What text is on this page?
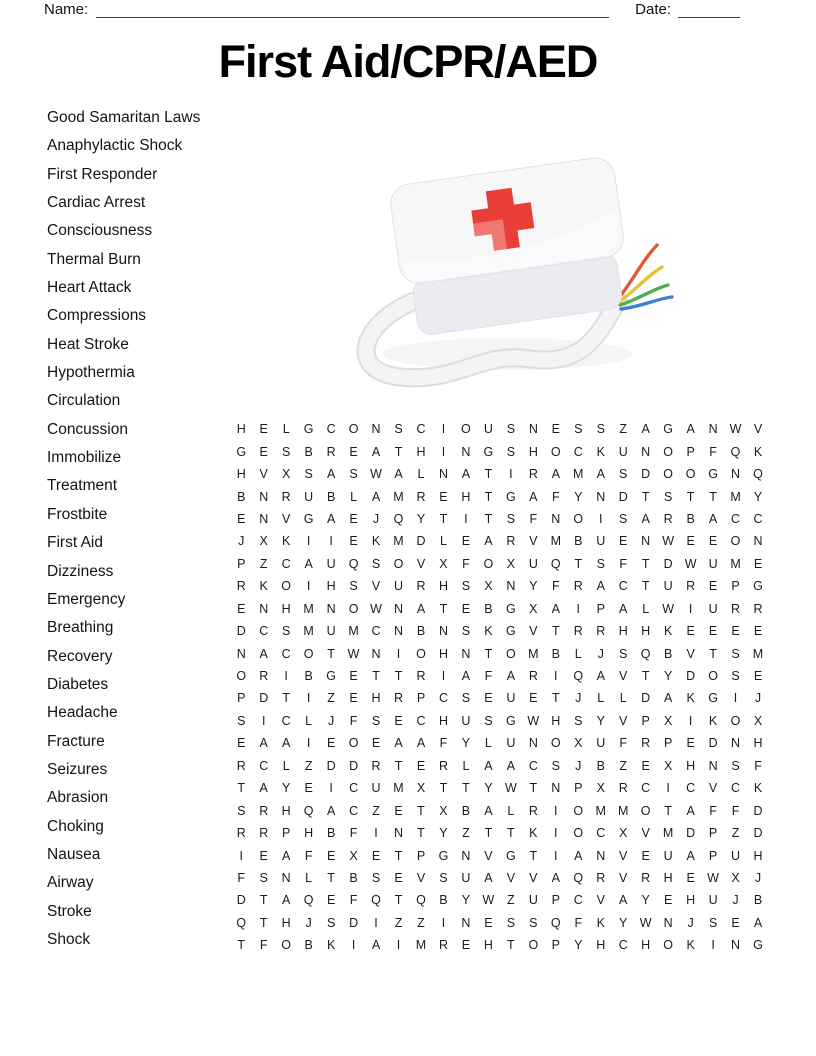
Name:	Date:
First Aid/CPR/AED
Good Samaritan Laws
Anaphylactic Shock
First Responder
Cardiac Arrest
Consciousness
Thermal Burn
Heart Attack
Compressions
Heat Stroke
Hypothermia
Circulation
Concussion
Immobilize
Treatment
Frostbite
First Aid
Dizziness
Emergency
Breathing
Recovery
Diabetes
Headache
Fracture
Seizures
Abrasion
Choking
Nausea
Airway
Stroke
Shock
H	E	L	G	C	O	N	S	C	I	O	U	S	N	E	S	S	Z	A	G	A	N W V
G	E	S	B	R	E	A	T	H	I	N	G	S	H	O	C	K	U	N	O	P	F	Q	K
H	V	X	S	A	S W A	L	N	A	T	I	R	A	M	A	S	D	O	O	G	N	Q
B	N	R	U	B	L	A	M	R	E	H	T	G	A	F	Y	N	D	T	S	T	T	M	Y
E	N	V	G	A	E	J	Q	Y	T	I	T	S	F	N	O	I	S	A	R	B	A	C	C
J	X	K	I	I	E	K	M	D	L	E	A	R	V	M	B	U	E	N W E	E	O	N
P	Z	C	A	U	Q	S	O	V	X	F	O	X	U	Q	T	S	F	T	D W U	M	E
R	K	O	I	H	S	V	U	R	H	S	X	N	Y	F	R	A	C	T	U	R	E	P	G
E	N	H	M	N	O W N	A	T	E	B	G	X	A	I	P	A	L	W	I	U	R	R
D	C	S	M	U	M	C	N	B	N	S	K	G	V	T	R	R	H	H	K	E	E	E	E
N	A	C	O	T	W N	I	O	H	N	T	O M	B	L	J	S	Q	B	V	T	S	M
O	R	I	B	G	E	T	T	R	I	A	F	A	R	I	Q	A	V	T	Y	D	O	S	E
P	D	T	I	Z	E	H	R	P	C	S	E	U	E	T	J	L	L	D	A	K	G	I	J
S	I	C	L	J	F	S	E	C	H	U	S	G W H	S	Y	V	P	X	I	K	O	X
E	A	A	I	E	O	E	A	A	F	Y	L	U	N	O	X	U	F	R	P	E	D	N	H
R	C	L	Z	D	D	R	T	E	R	L	A	A	C	S	J	B	Z	E	X	H	N	S	F
T	A	Y	E	I	C	U	M	X	T	T	Y W	T	N	P	X	R	C	I	C	V	C	K
S	R	H	Q	A	C	Z	E	T	X	B	A	L	R	I	O M M O	T	A	F	F	D
R	R	P	H	B	F	I	N	T	Y	Z	T	T	K	I	O	C	X	V	M	D	P	Z	D
I	E	A	F	E	X	E	T	P	G	N	V	G	T	I	A	N	V	E	U	A	P	U	H
F	S	N	L	T	B	S	E	V	S	U	A	V	V	A	Q	R	V	R	H	E W X	J
D	T	A	Q	E	F	Q	T	Q	B	Y W	Z	U	P	C	V	A	Y	E	H	U	J	B
Q	T	H	J	S	D	I	Z	Z	I	N	E	S	S	Q	F	K	Y W N	J	S	E	A
T	F	O	B	K	I	A	I	M	R	E	H	T	O	P	Y	H	C	H	O	K	I	N	G
